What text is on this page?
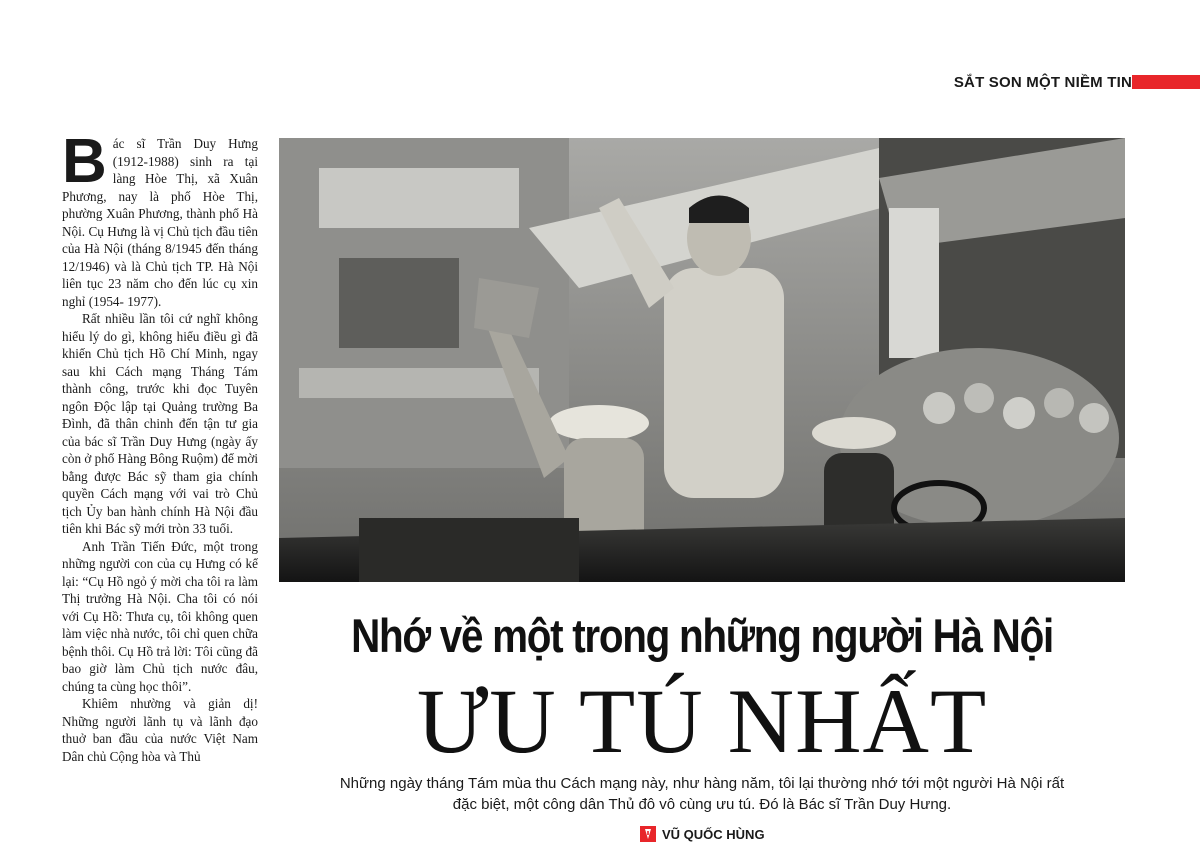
SẮT SON MỘT NIỀM TIN

Bác sĩ Trần Duy Hưng (1912-1988) sinh ra tại làng Hòe Thị, xã Xuân Phương, nay là phố Hòe Thị, phường Xuân Phương, thành phố Hà Nội. Cụ Hưng là vị Chủ tịch đầu tiên của Hà Nội (tháng 8/1945 đến tháng 12/1946) và là Chủ tịch TP. Hà Nội liên tục 23 năm cho đến lúc cụ xin nghỉ (1954- 1977).

Rất nhiều lần tôi cứ nghĩ không hiểu lý do gì, không hiểu điều gì đã khiến Chủ tịch Hồ Chí Minh, ngay sau khi Cách mạng Tháng Tám thành công, trước khi đọc Tuyên ngôn Độc lập tại Quảng trường Ba Đình, đã thân chinh đến tận tư gia của bác sĩ Trần Duy Hưng (ngày ấy còn ở phố Hàng Bông Ruộm) để mời bằng được Bác sỹ tham gia chính quyền Cách mạng với vai trò Chủ tịch Ủy ban hành chính Hà Nội đầu tiên khi Bác sỹ mới tròn 33 tuổi.

Anh Trần Tiến Đức, một trong những người con của cụ Hưng có kể lại: “Cụ Hồ ngỏ ý mời cha tôi ra làm Thị trưởng Hà Nội. Cha tôi có nói với Cụ Hồ: Thưa cụ, tôi không quen làm việc nhà nước, tôi chỉ quen chữa bệnh thôi. Cụ Hồ trả lời: Tôi cũng đã bao giờ làm Chủ tịch nước đâu, chúng ta cùng học thôi”.

Khiêm nhường và giản dị! Những người lãnh tụ và lãnh đạo thuở ban đầu của nước Việt Nam Dân chủ Cộng hòa và Thủ

Nhớ về một trong những người Hà Nội
ƯU TÚ NHẤT
Những ngày tháng Tám mùa thu Cách mạng này, như hàng năm, tôi lại thường nhớ tới một người Hà Nội rất đặc biệt, một công dân Thủ đô vô cùng ưu tú. Đó là Bác sĩ Trần Duy Hưng.
VŨ QUỐC HÙNG
